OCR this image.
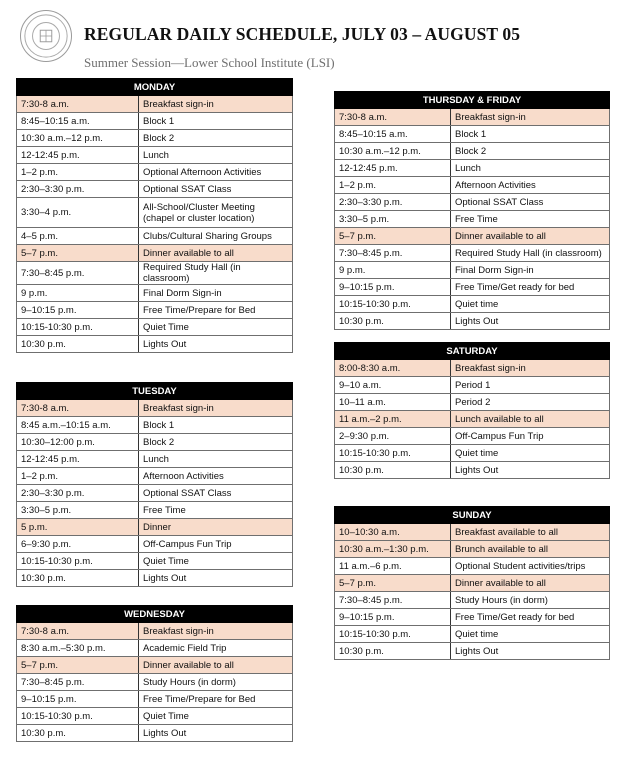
REGULAR DAILY SCHEDULE, JULY 03 – AUGUST 05
Summer Session—Lower School Institute (LSI)
MONDAY	
7:30-8 a.m.	Breakfast sign-in
8:45–10:15 a.m.	Block 1
10:30 a.m.–12 p.m.	Block 2
12-12:45 p.m.	Lunch
1–2 p.m.	Optional Afternoon Activities
2:30–3:30 p.m.	Optional SSAT Class
3:30–4 p.m.	All-School/Cluster Meeting (chapel or cluster location)
4–5 p.m.	Clubs/Cultural Sharing Groups
5–7 p.m.	Dinner available to all
7:30–8:45 p.m.	Required Study Hall (in classroom)
9 p.m.	Final Dorm Sign-in
9–10:15 p.m.	Free Time/Prepare for Bed
10:15-10:30 p.m.	Quiet Time
10:30 p.m.	Lights Out
TUESDAY	
7:30-8 a.m.	Breakfast sign-in
8:45 a.m.–10:15 a.m.	Block 1
10:30–12:00 p.m.	Block 2
12-12:45 p.m.	Lunch
1–2 p.m.	Afternoon Activities
2:30–3:30 p.m.	Optional SSAT Class
3:30–5 p.m.	Free Time
5 p.m.	Dinner
6–9:30 p.m.	Off-Campus Fun Trip
10:15-10:30 p.m.	Quiet Time
10:30 p.m.	Lights Out
WEDNESDAY	
7:30-8 a.m.	Breakfast sign-in
8:30 a.m.–5:30 p.m.	Academic Field Trip
5–7 p.m.	Dinner available to all
7:30–8:45 p.m.	Study Hours (in dorm)
9–10:15 p.m.	Free Time/Prepare for Bed
10:15-10:30 p.m.	Quiet Time
10:30 p.m.	Lights Out
THURSDAY & FRIDAY	
7:30-8 a.m.	Breakfast sign-in
8:45–10:15 a.m.	Block 1
10:30 a.m.–12 p.m.	Block 2
12-12:45 p.m.	Lunch
1–2 p.m.	Afternoon Activities
2:30–3:30 p.m.	Optional SSAT Class
3:30–5 p.m.	Free Time
5–7 p.m.	Dinner available to all
7:30–8:45 p.m.	Required Study Hall (in classroom)
9 p.m.	Final Dorm Sign-in
9–10:15 p.m.	Free Time/Get ready for bed
10:15-10:30 p.m.	Quiet time
10:30 p.m.	Lights Out
SATURDAY	
8:00-8:30 a.m.	Breakfast sign-in
9–10 a.m.	Period 1
10–11 a.m.	Period 2
11 a.m.–2 p.m.	Lunch available to all
2–9:30 p.m.	Off-Campus Fun Trip
10:15-10:30 p.m.	Quiet time
10:30 p.m.	Lights Out
SUNDAY	
10–10:30 a.m.	Breakfast available to all
10:30 a.m.–1:30 p.m.	Brunch available to all
11 a.m.–6 p.m.	Optional Student activities/trips
5–7 p.m.	Dinner available to all
7:30–8:45 p.m.	Study Hours (in dorm)
9–10:15 p.m.	Free Time/Get ready for bed
10:15-10:30 p.m.	Quiet time
10:30 p.m.	Lights Out
